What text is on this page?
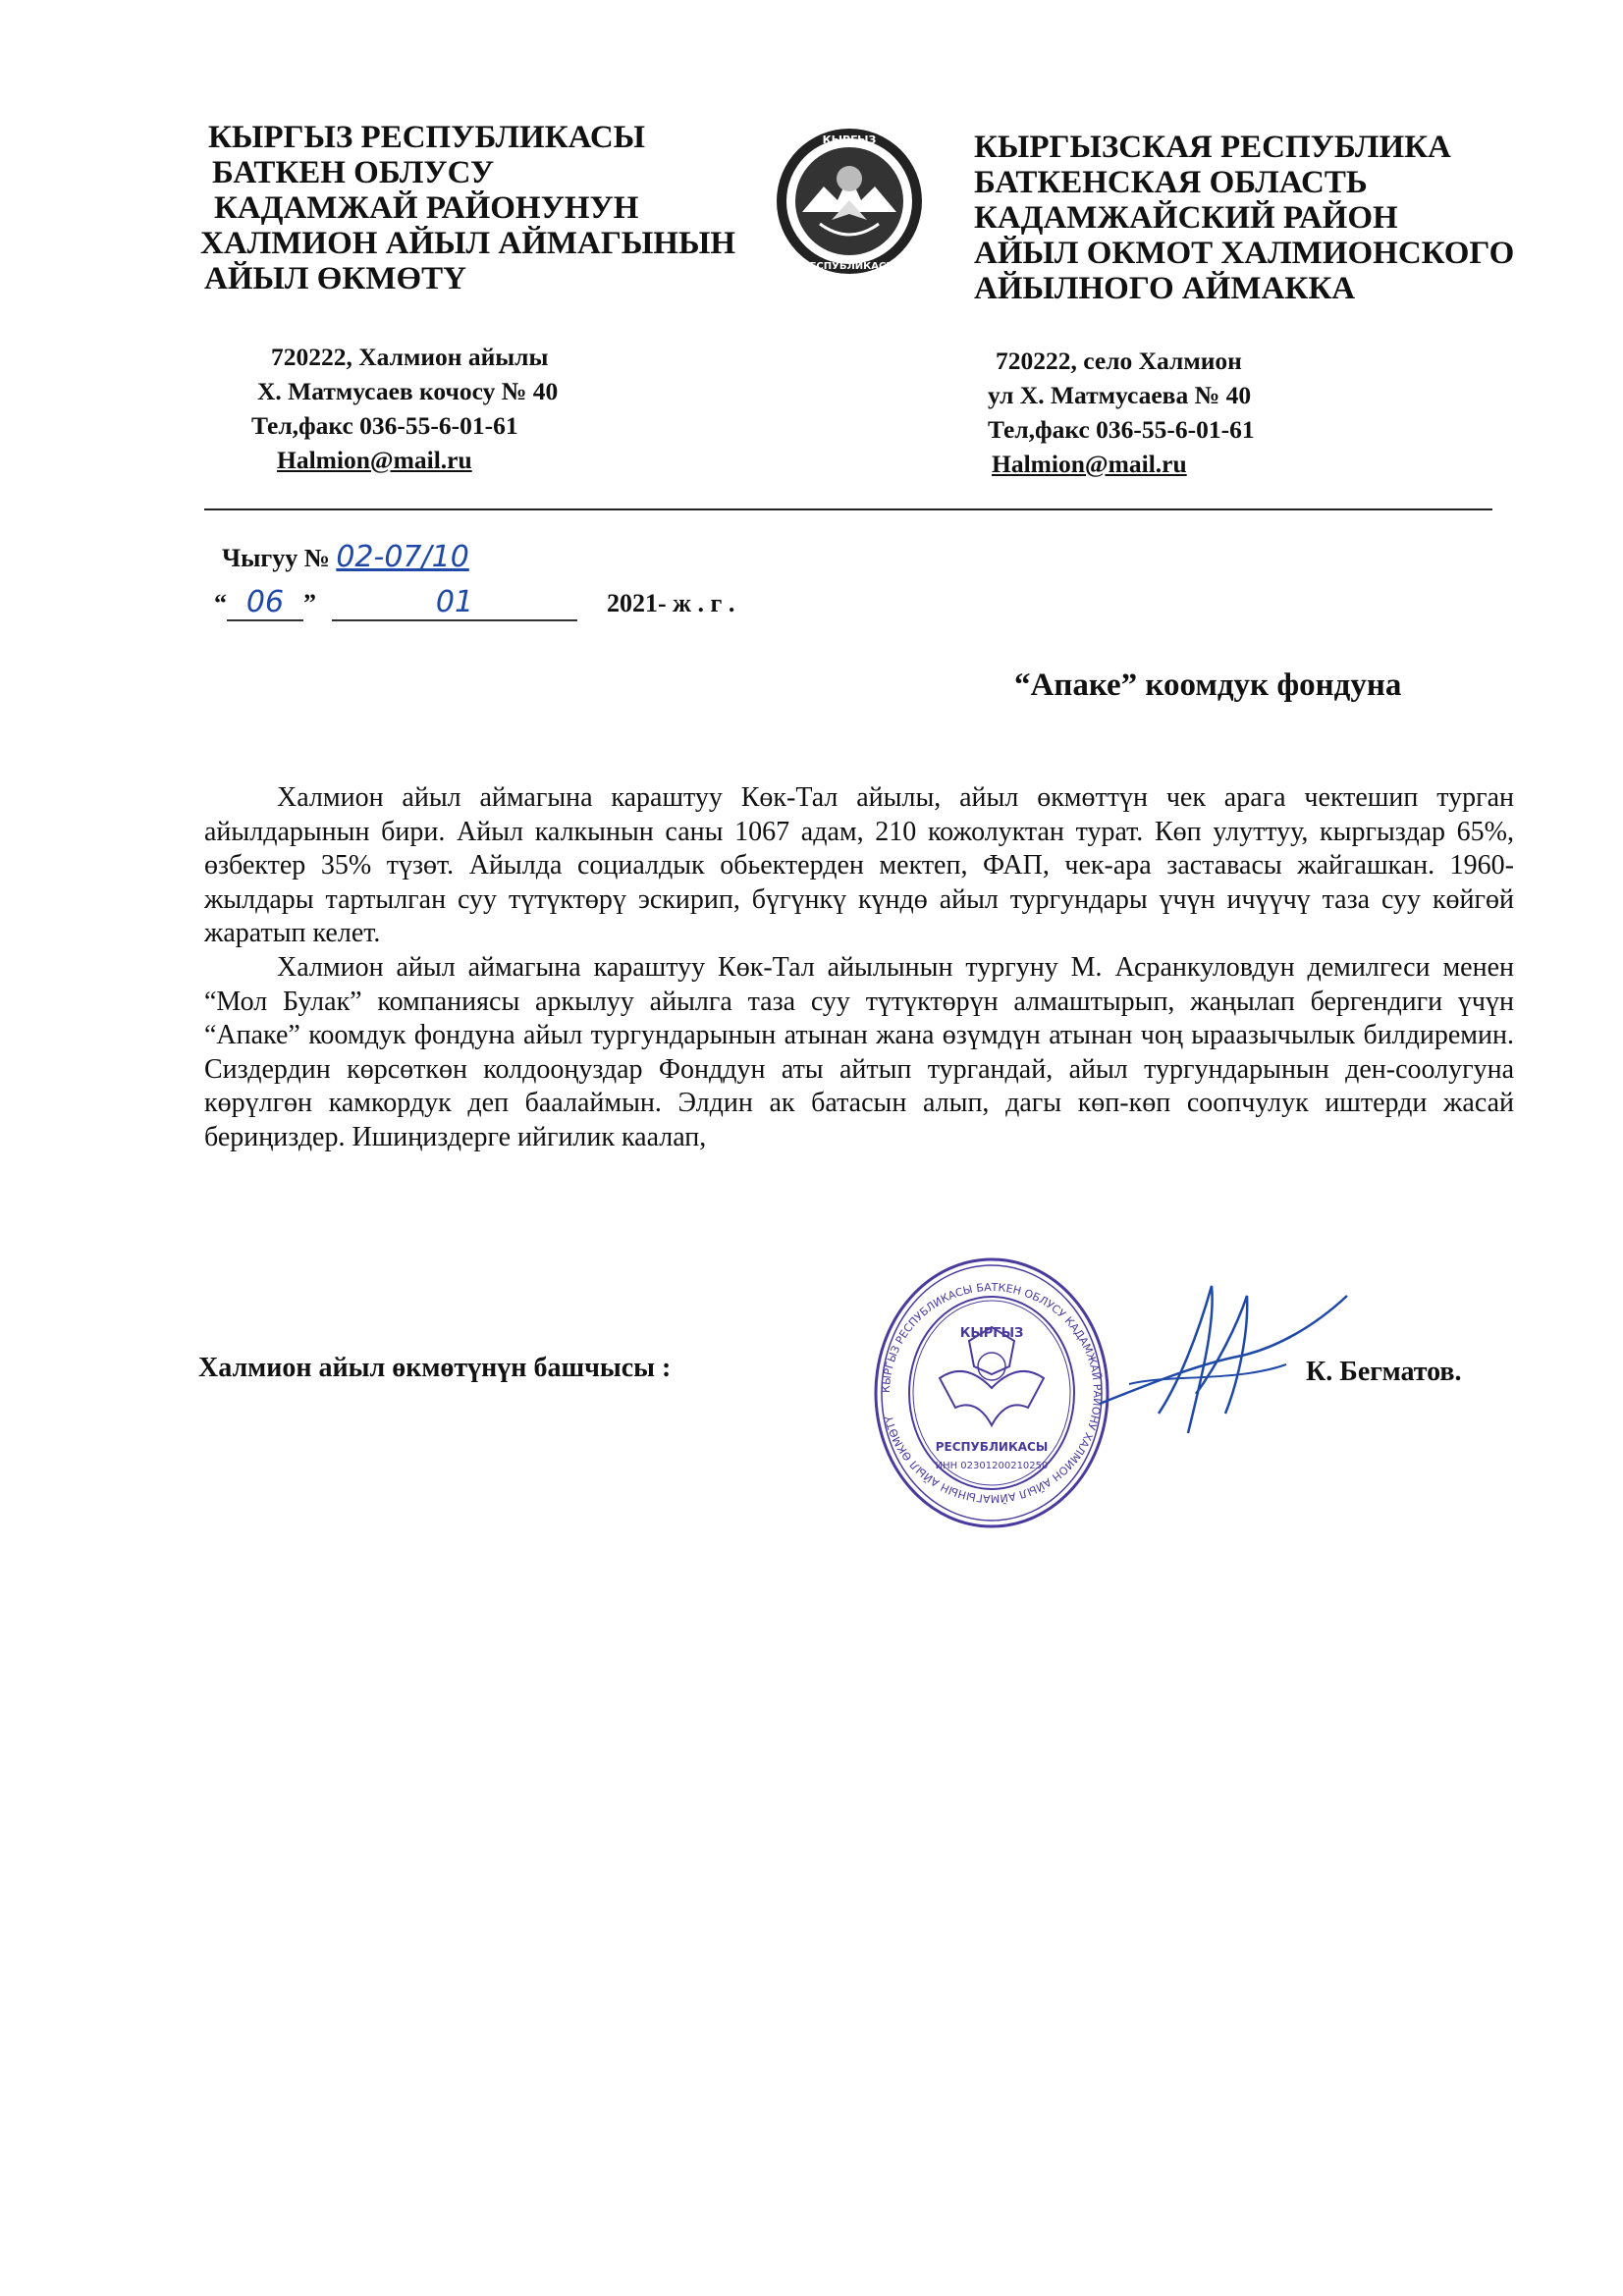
КЫРГЫЗ РЕСПУБЛИКАСЫ
БАТКЕН ОБЛУСУ
КАДАМЖАЙ РАЙОНУНУН
ХАЛМИОН АЙЫЛ АЙМАГЫНЫН
АЙЫЛ ӨКМӨТҮ
КЫРГЫЗ
РЕСПУБЛИКАСЫ
КЫРГЫЗСКАЯ РЕСПУБЛИКА
БАТКЕНСКАЯ ОБЛАСТЬ
КАДАМЖАЙСКИЙ РАЙОН
АЙЫЛ ОКМОТ ХАЛМИОНСКОГО
АЙЫЛНОГО АЙМАККА
720222, Халмион айылы
Х. Матмусаев кочосу № 40
Тел,факс 036-55-6-01-61
Halmion@mail.ru
720222, село Халмион
ул Х. Матмусаева № 40
Тел,факс 036-55-6-01-61
Halmion@mail.ru
Чыгуу № 02-07/10
“ 06 ”	01	2021- ж . г .
“Апаке” коомдук фондуна

Халмион айыл аймагына караштуу Көк-Тал айылы, айыл өкмөттүн чек арага чектешип турган айылдарынын бири. Айыл калкынын саны 1067 адам, 210 кожолуктан турат. Көп улуттуу, кыргыздар 65%, өзбектер 35% түзөт. Айылда социалдык обьектерден мектеп, ФАП, чек-ара заставасы жайгашкан. 1960-жылдары тартылган суу түтүктөрү эскирип, бүгүнкү күндө айыл тургундары үчүн ичүүчү таза суу көйгөй жаратып келет.

Халмион айыл аймагына караштуу Көк-Тал айылынын тургуну М. Асранкуловдун демилгеси менен “Мол Булак” компаниясы аркылуу айылга таза суу түтүктөрүн алмаштырып, жаңылап бергендиги үчүн “Апаке” коомдук фондуна айыл тургундарынын атынан жана өзүмдүн атынан чоң ыраазычылык билдиремин. Сиздердин көрсөткөн колдооңуздар Фонддун аты айтып тургандай, айыл тургундарынын ден-соолугуна көрүлгөн камкордук деп баалаймын. Элдин ак батасын алып, дагы көп-көп соопчулук иштерди жасай бериңиздер. Ишиңиздерге ийгилик каалап,

КЫРГЫЗ РЕСПУБЛИКАСЫ БАТКЕН ОБЛУСУ КАДАМЖАЙ РАЙОНУ ХАЛМИОН АЙЫЛ АЙМАГЫНЫН АЙЫЛ ӨКМӨТҮ
КЫРГЫЗ
РЕСПУБЛИКАСЫ
ИНН 02301200210250
Халмион айыл өкмөтүнүн башчысы :	К. Бегматов.
